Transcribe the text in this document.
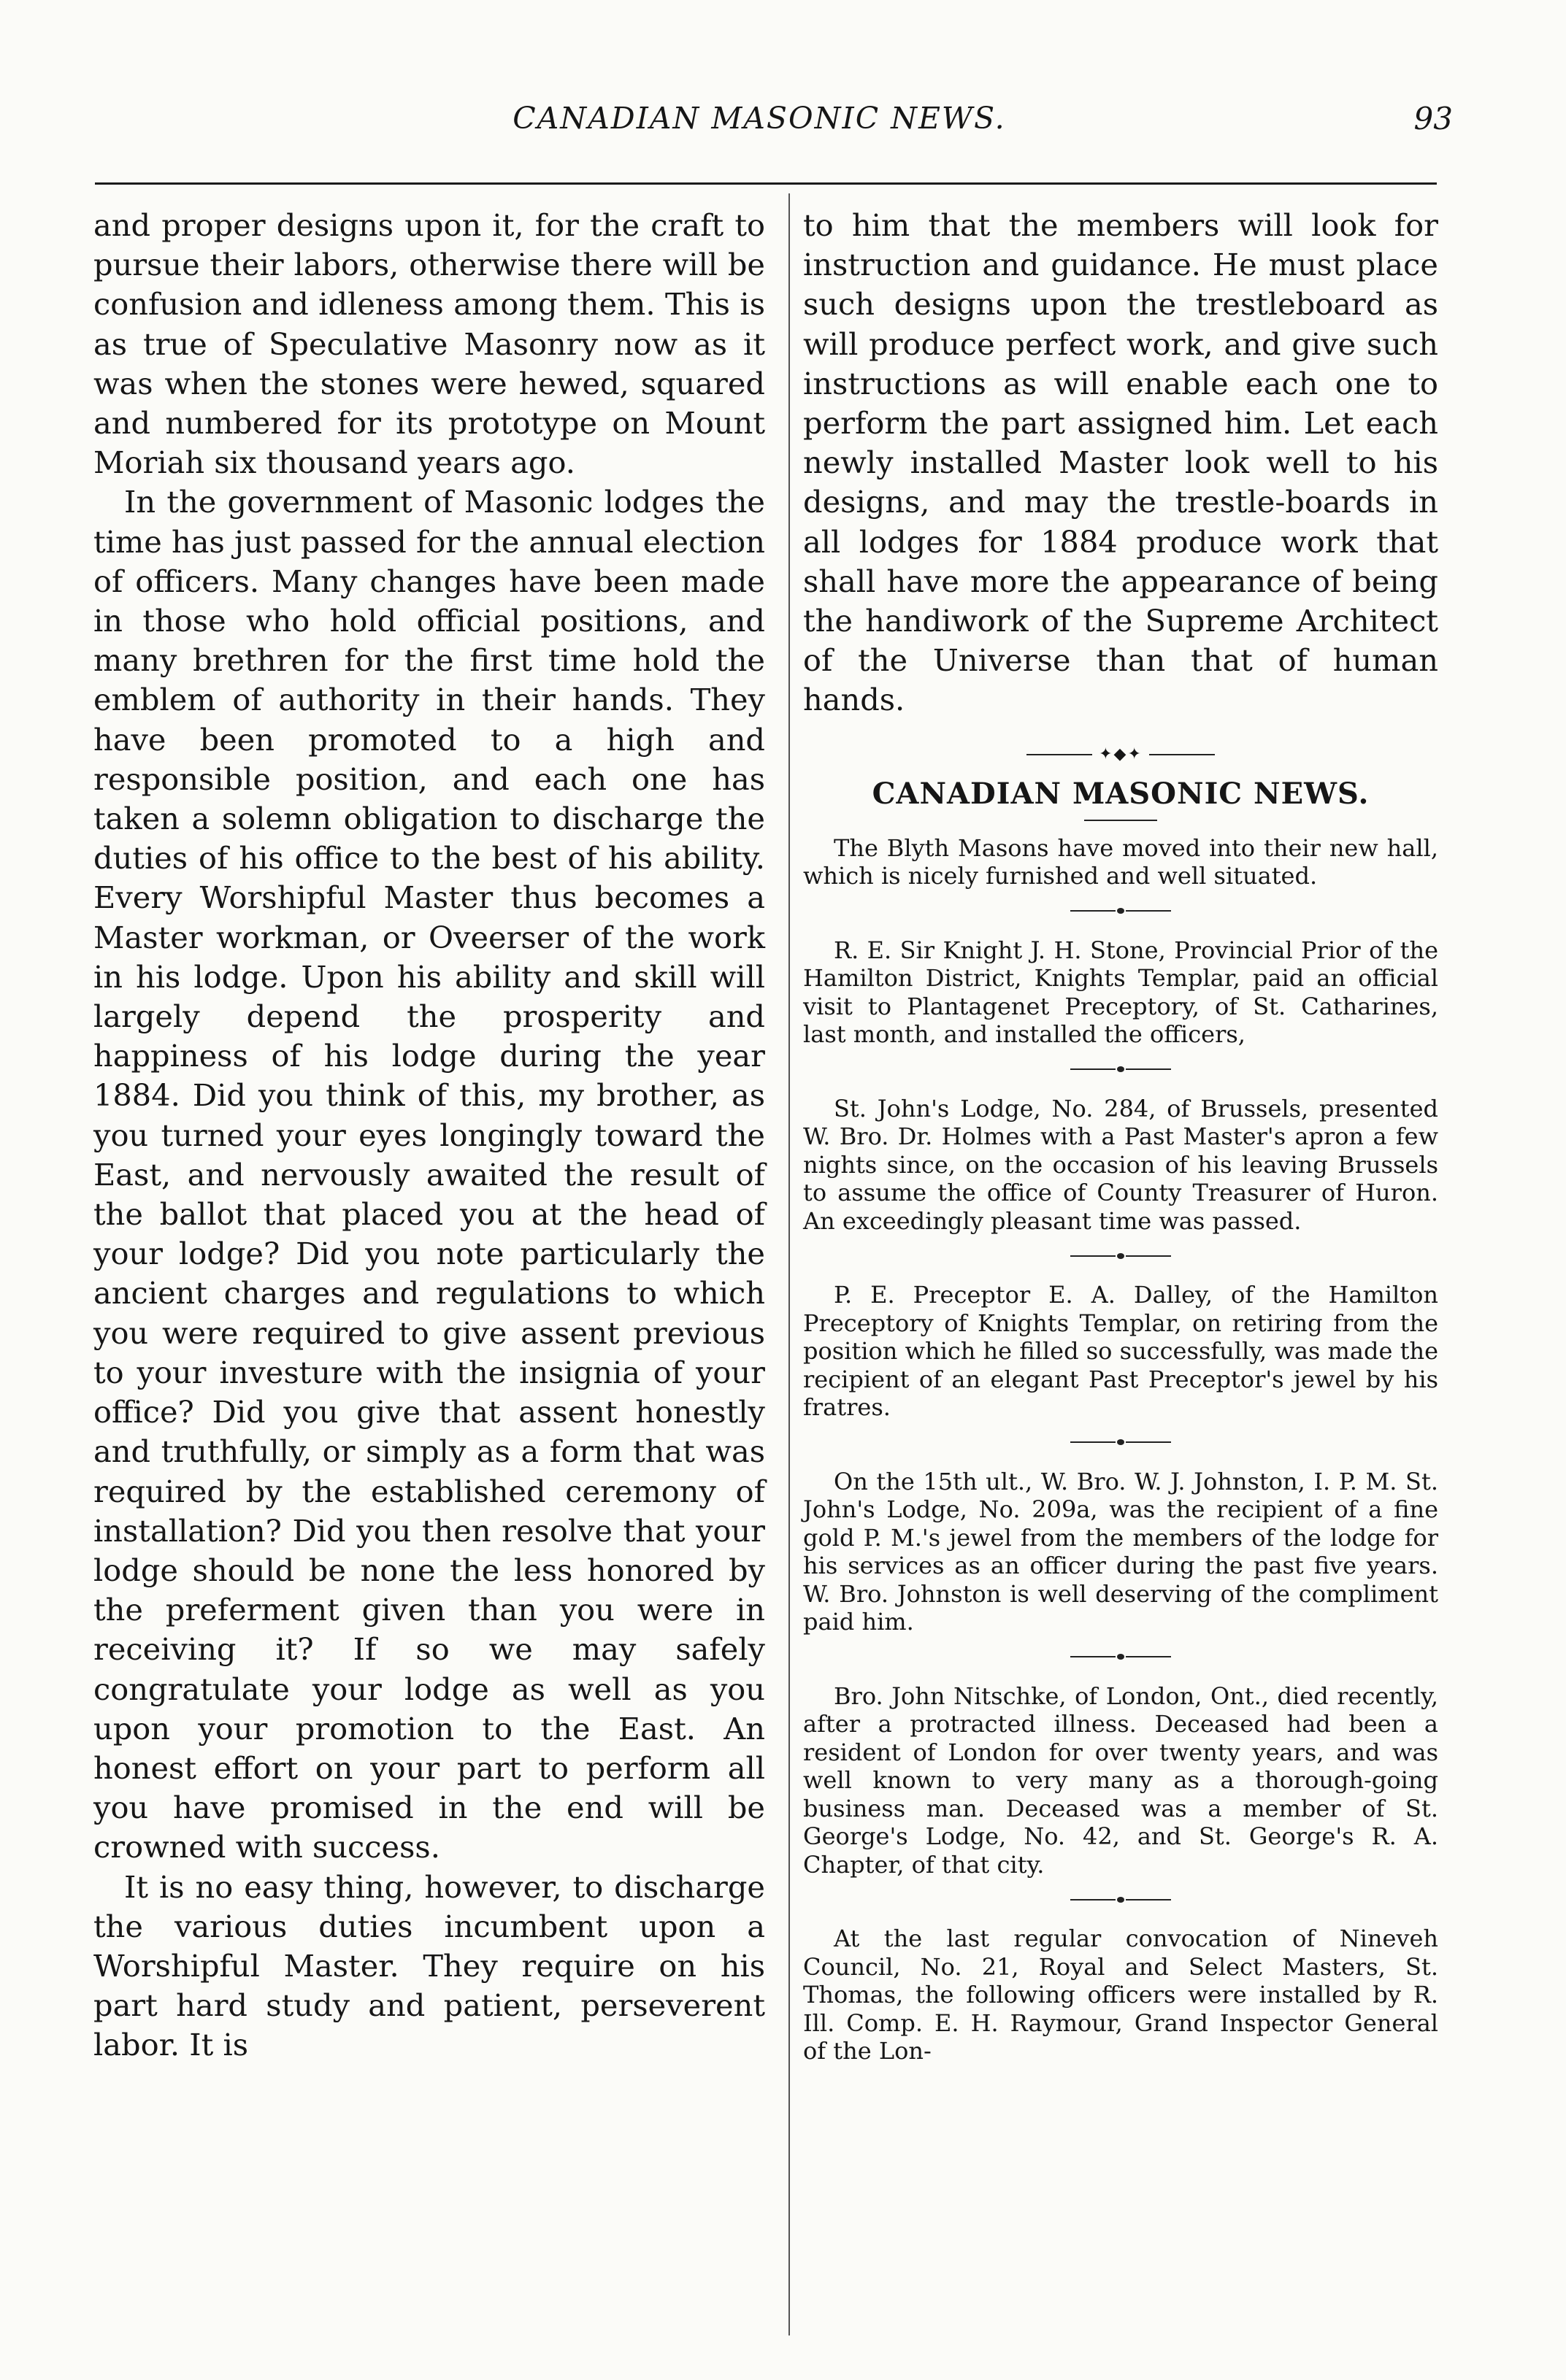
CANADIAN MASONIC NEWS.	93

and proper designs upon it, for the craft to pursue their labors, otherwise there will be confusion and idleness among them. This is as true of Speculative Masonry now as it was when the stones were hewed, squared and numbered for its prototype on Mount Moriah six thousand years ago.

In the government of Masonic lodges the time has just passed for the annual election of officers. Many changes have been made in those who hold official positions, and many brethren for the first time hold the emblem of authority in their hands. They have been promoted to a high and responsible position, and each one has taken a solemn obligation to discharge the duties of his office to the best of his ability. Every Worshipful Master thus becomes a Master workman, or Oveerser of the work in his lodge. Upon his ability and skill will largely depend the prosperity and happiness of his lodge during the year 1884. Did you think of this, my brother, as you turned your eyes longingly toward the East, and nervously awaited the result of the ballot that placed you at the head of your lodge? Did you note particularly the ancient charges and regulations to which you were required to give assent previous to your investure with the insignia of your office? Did you give that assent honestly and truthfully, or simply as a form that was required by the established ceremony of installation? Did you then resolve that your lodge should be none the less honored by the preferment given than you were in receiving it? If so we may safely congratulate your lodge as well as you upon your promotion to the East. An honest effort on your part to perform all you have promised in the end will be crowned with success.

It is no easy thing, however, to discharge the various duties incumbent upon a Worshipful Master. They require on his part hard study and patient, perseverent labor. It is

to him that the members will look for instruction and guidance. He must place such designs upon the trestleboard as will produce perfect work, and give such instructions as will enable each one to perform the part assigned him. Let each newly installed Master look well to his designs, and may the trestle-boards in all lodges for 1884 produce work that shall have more the appearance of being the handiwork of the Supreme Architect of the Universe than that of human hands.

✦◆✦
CANADIAN MASONIC NEWS.

The Blyth Masons have moved into their new hall, which is nicely furnished and well situated.

R. E. Sir Knight J. H. Stone, Provincial Prior of the Hamilton District, Knights Templar, paid an official visit to Plantagenet Preceptory, of St. Catharines, last month, and installed the officers,

St. John's Lodge, No. 284, of Brussels, presented W. Bro. Dr. Holmes with a Past Master's apron a few nights since, on the occasion of his leaving Brussels to assume the office of County Treasurer of Huron. An exceedingly pleasant time was passed.

P. E. Preceptor E. A. Dalley, of the Hamilton Preceptory of Knights Templar, on retiring from the position which he filled so successfully, was made the recipient of an elegant Past Preceptor's jewel by his fratres.

On the 15th ult., W. Bro. W. J. Johnston, I. P. M. St. John's Lodge, No. 209a, was the recipient of a fine gold P. M.'s jewel from the members of the lodge for his services as an officer during the past five years. W. Bro. Johnston is well deserving of the compliment paid him.

Bro. John Nitschke, of London, Ont., died recently, after a protracted illness. Deceased had been a resident of London for over twenty years, and was well known to very many as a thorough-going business man. Deceased was a member of St. George's Lodge, No. 42, and St. George's R. A. Chapter, of that city.

At the last regular convocation of Nineveh Council, No. 21, Royal and Select Masters, St. Thomas, the following officers were installed by R. Ill. Comp. E. H. Raymour, Grand Inspector General of the Lon-
